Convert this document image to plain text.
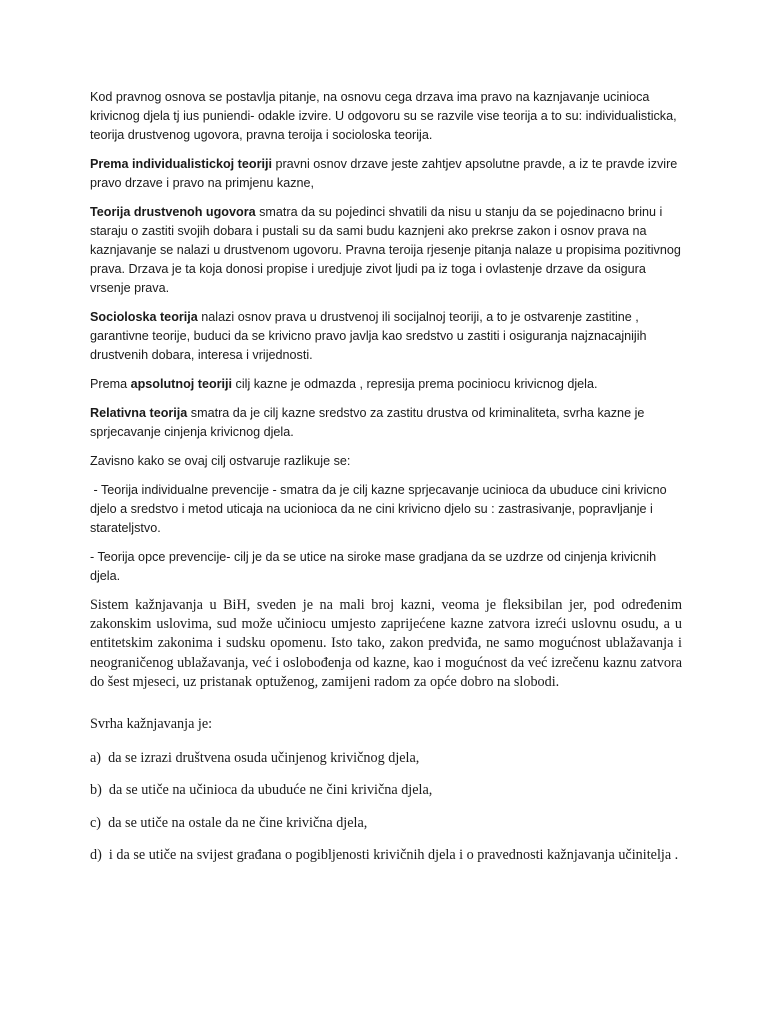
Kod pravnog osnova se postavlja pitanje, na osnovu cega drzava ima pravo na kaznjavanje ucinioca krivicnog djela tj ius puniendi- odakle izvire. U odgovoru su se razvile vise teorija a to su: individualisticka, teorija drustvenog ugovora, pravna teroija i socioloska teorija.

Prema individualistickoj teoriji pravni osnov drzave jeste zahtjev apsolutne pravde, a iz te pravde izvire pravo drzave i pravo na primjenu kazne,

Teorija drustvenoh ugovora smatra da su pojedinci shvatili da nisu u stanju da se pojedinacno brinu i staraju o zastiti svojih dobara i pustali su da sami budu kaznjeni ako prekrse zakon i osnov prava na kaznjavanje se nalazi u drustvenom ugovoru. Pravna teroija rjesenje pitanja nalaze u propisima pozitivnog prava. Drzava je ta koja donosi propise i uredjuje zivot ljudi pa iz toga i ovlastenje drzave da osigura vrsenje prava.

Socioloska teorija nalazi osnov prava u drustvenoj ili socijalnoj teoriji, a to je ostvarenje zastitine , garantivne teorije, buduci da se krivicno pravo javlja kao sredstvo u zastiti i osiguranja najznacajnijih drustvenih dobara, interesa i vrijednosti.

Prema apsolutnoj teoriji cilj kazne je odmazda , represija prema pociniocu krivicnog djela.

Relativna teorija smatra da je cilj kazne sredstvo za zastitu drustva od kriminaliteta, svrha kazne je sprjecavanje cinjenja krivicnog djela.

Zavisno kako se ovaj cilj ostvaruje razlikuje se:

- Teorija individualne prevencije - smatra da je cilj kazne sprjecavanje ucinioca da ubuduce cini krivicno djelo a sredstvo i metod uticaja na ucionioca da ne cini krivicno djelo su : zastrasivanje, popravljanje i starateljstvo.

- Teorija opce prevencije- cilj je da se utice na siroke mase gradjana da se uzdrze od cinjenja krivicnih djela.

Sistem kažnjavanja u BiH, sveden je na mali broj kazni, veoma je fleksibilan jer, pod određenim zakonskim uslovima, sud može učiniocu umjesto zaprijećene kazne zatvora izreći uslovnu osudu, a u entitetskim zakonima i sudsku opomenu. Isto tako, zakon predviđa, ne samo mogućnost ublažavanja i neograničenog ublažavanja, već i oslobođenja od kazne, kao i mogućnost da već izrečenu kaznu zatvora do šest mjeseci, uz pristanak optuženog, zamijeni radom za opće dobro na slobodi.

Svrha kažnjavanja je:

a)  da se izrazi društvena osuda učinjenog krivičnog djela,

b)  da se utiče na učinioca da ubuduće ne čini krivična djela,

c)  da se utiče na ostale da ne čine krivična djela,

d)  i da se utiče na svijest građana o pogibljenosti krivičnih djela i o pravednosti kažnjavanja učinitelja .
